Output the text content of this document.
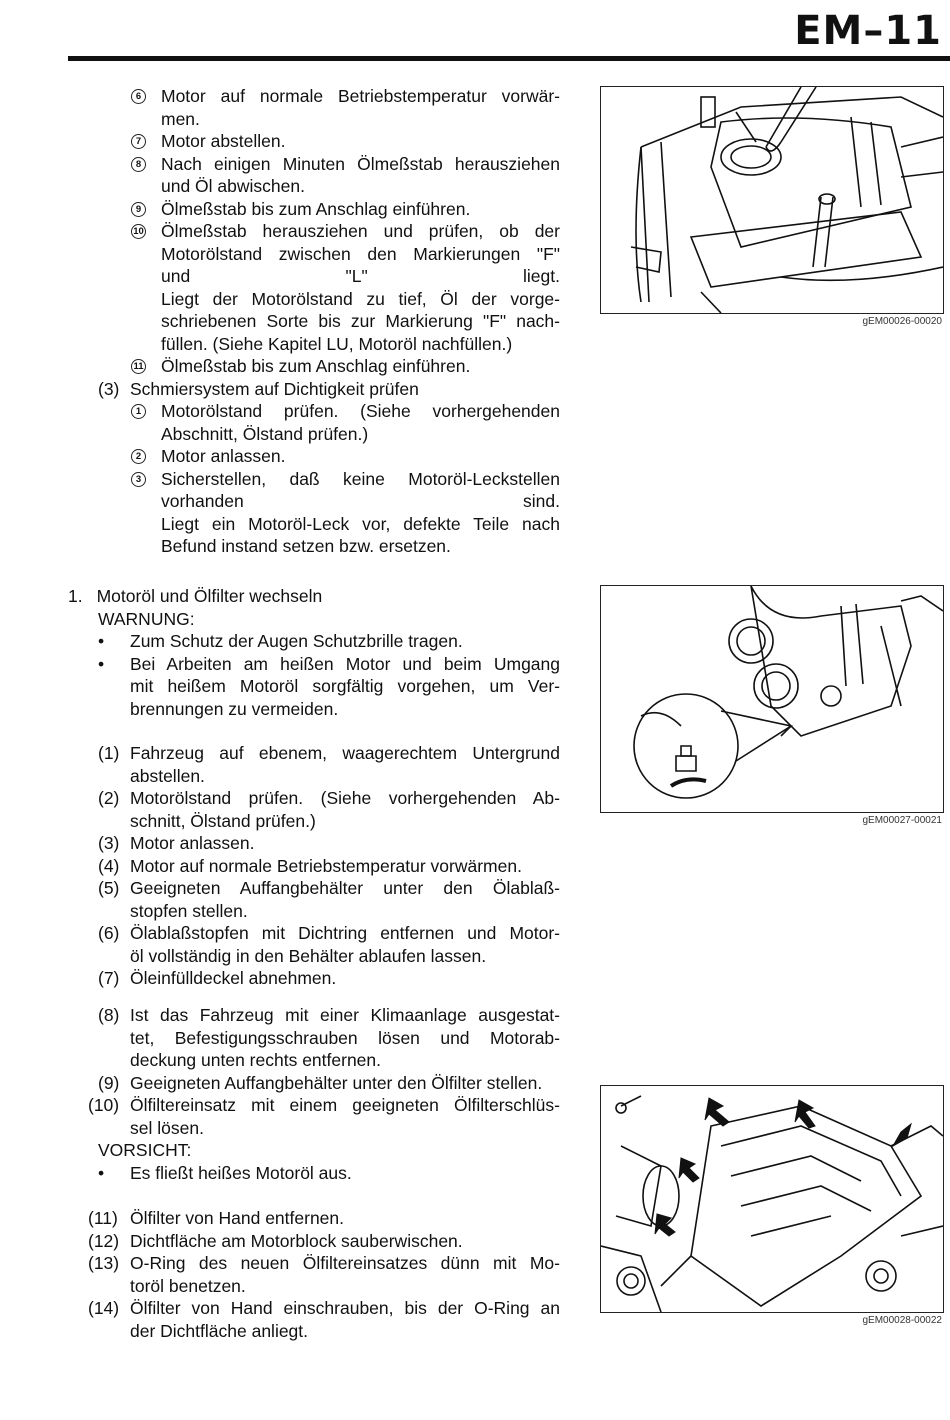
EM–11
6 Motor auf normale Betriebstemperatur vorwär-
men.
7 Motor abstellen.
8 Nach einigen Minuten Ölmeßstab herausziehen
und Öl abwischen.
9 Ölmeßstab bis zum Anschlag einführen.
10 Ölmeßstab herausziehen und prüfen, ob der
Motorölstand zwischen den Markierungen "F"
und "L" liegt.
Liegt der Motorölstand zu tief, Öl der vorge-
schriebenen Sorte bis zur Markierung "F" nach-
füllen. (Siehe Kapitel LU, Motoröl nachfüllen.)
11 Ölmeßstab bis zum Anschlag einführen.
(3) Schmiersystem auf Dichtigkeit prüfen
1 Motorölstand prüfen. (Siehe vorhergehenden
Abschnitt, Ölstand prüfen.)
2 Motor anlassen.
3 Sicherstellen, daß keine Motoröl-Leckstellen
vorhanden sind.
Liegt ein Motoröl-Leck vor, defekte Teile nach
Befund instand setzen bzw. ersetzen.
1. Motoröl und Ölfilter wechseln
WARNUNG:
• Zum Schutz der Augen Schutzbrille tragen.
• Bei Arbeiten am heißen Motor und beim Umgang
mit heißem Motoröl sorgfältig vorgehen, um Ver-
brennungen zu vermeiden.
(1) Fahrzeug auf ebenem, waagerechtem Untergrund
abstellen.
(2) Motorölstand prüfen. (Siehe vorhergehenden Ab-
schnitt, Ölstand prüfen.)
(3) Motor anlassen.
(4) Motor auf normale Betriebstemperatur vorwärmen.
(5) Geeigneten Auffangbehälter unter den Ölablaß-
stopfen stellen.
(6) Ölablaßstopfen mit Dichtring entfernen und Motor-
öl vollständig in den Behälter ablaufen lassen.
(7) Öleinfülldeckel abnehmen.
(8) Ist das Fahrzeug mit einer Klimaanlage ausgestat-
tet, Befestigungsschrauben lösen und Motorab-
deckung unten rechts entfernen.
(9) Geeigneten Auffangbehälter unter den Ölfilter stellen.
(10) Ölfiltereinsatz mit einem geeigneten Ölfilterschlüs-
sel lösen.
VORSICHT:
• Es fließt heißes Motoröl aus.
(11) Ölfilter von Hand entfernen.
(12) Dichtfläche am Motorblock sauberwischen.
(13) O-Ring des neuen Ölfiltereinsatzes dünn mit Mo-
toröl benetzen.
(14) Ölfilter von Hand einschrauben, bis der O-Ring an
der Dichtfläche anliegt.
gEM00026-00020
gEM00027-00021
gEM00028-00022
